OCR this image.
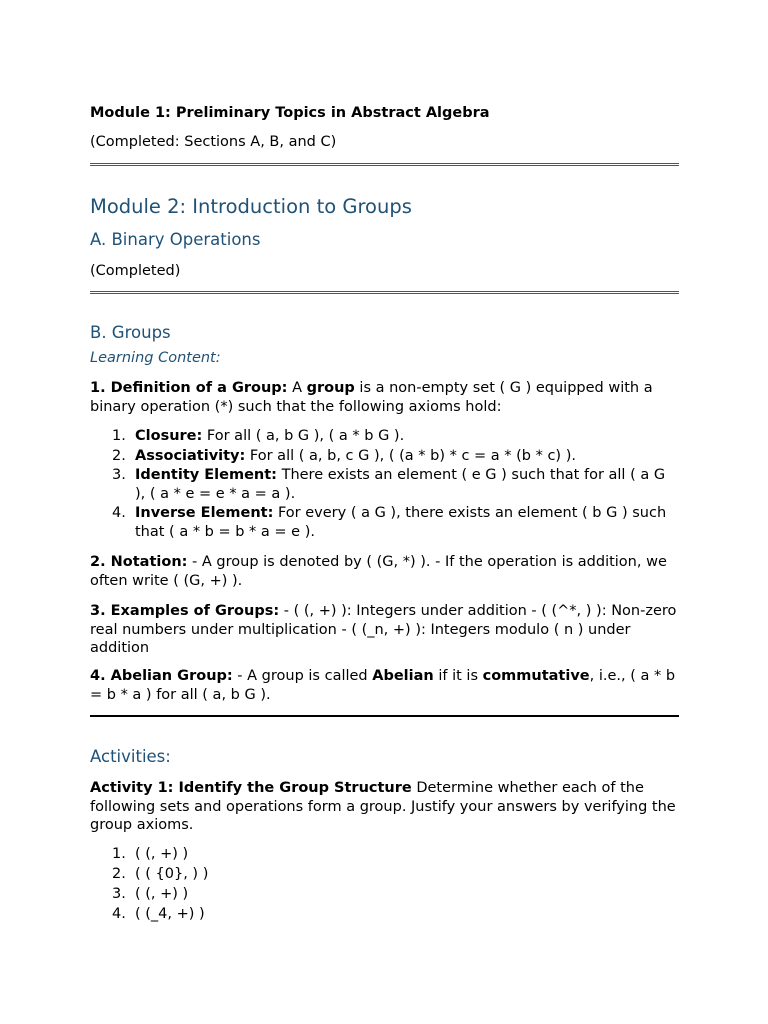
Module 1: Preliminary Topics in Abstract Algebra

(Completed: Sections A, B, and C)

Module 2: Introduction to Groups

A. Binary Operations

(Completed)

B. Groups

Learning Content:

1. Definition of a Group: A group is a non-empty set ( G ) equipped with a binary operation (*) such that the following axioms hold:

1. Closure: For all ( a, b G ), ( a * b G ).
2. Associativity: For all ( a, b, c G ), ( (a * b) * c = a * (b * c) ).
3. Identity Element: There exists an element ( e G ) such that for all ( a G ), ( a * e = e * a = a ).
4. Inverse Element: For every ( a G ), there exists an element ( b G ) such that ( a * b = b * a = e ).

2. Notation: - A group is denoted by ( (G, *) ). - If the operation is addition, we often write ( (G, +) ).

3. Examples of Groups: - ( (, +) ): Integers under addition - ( (^*, ) ): Non-zero real numbers under multiplication - ( (_n, +) ): Integers modulo ( n ) under addition

4. Abelian Group: - A group is called Abelian if it is commutative, i.e., ( a * b = b * a ) for all ( a, b G ).

Activities:

Activity 1: Identify the Group Structure Determine whether each of the following sets and operations form a group. Justify your answers by verifying the group axioms.

1. ( (, +) )
2. ( ( {0}, ) )
3. ( (, +) )
4. ( (_4, +) )
